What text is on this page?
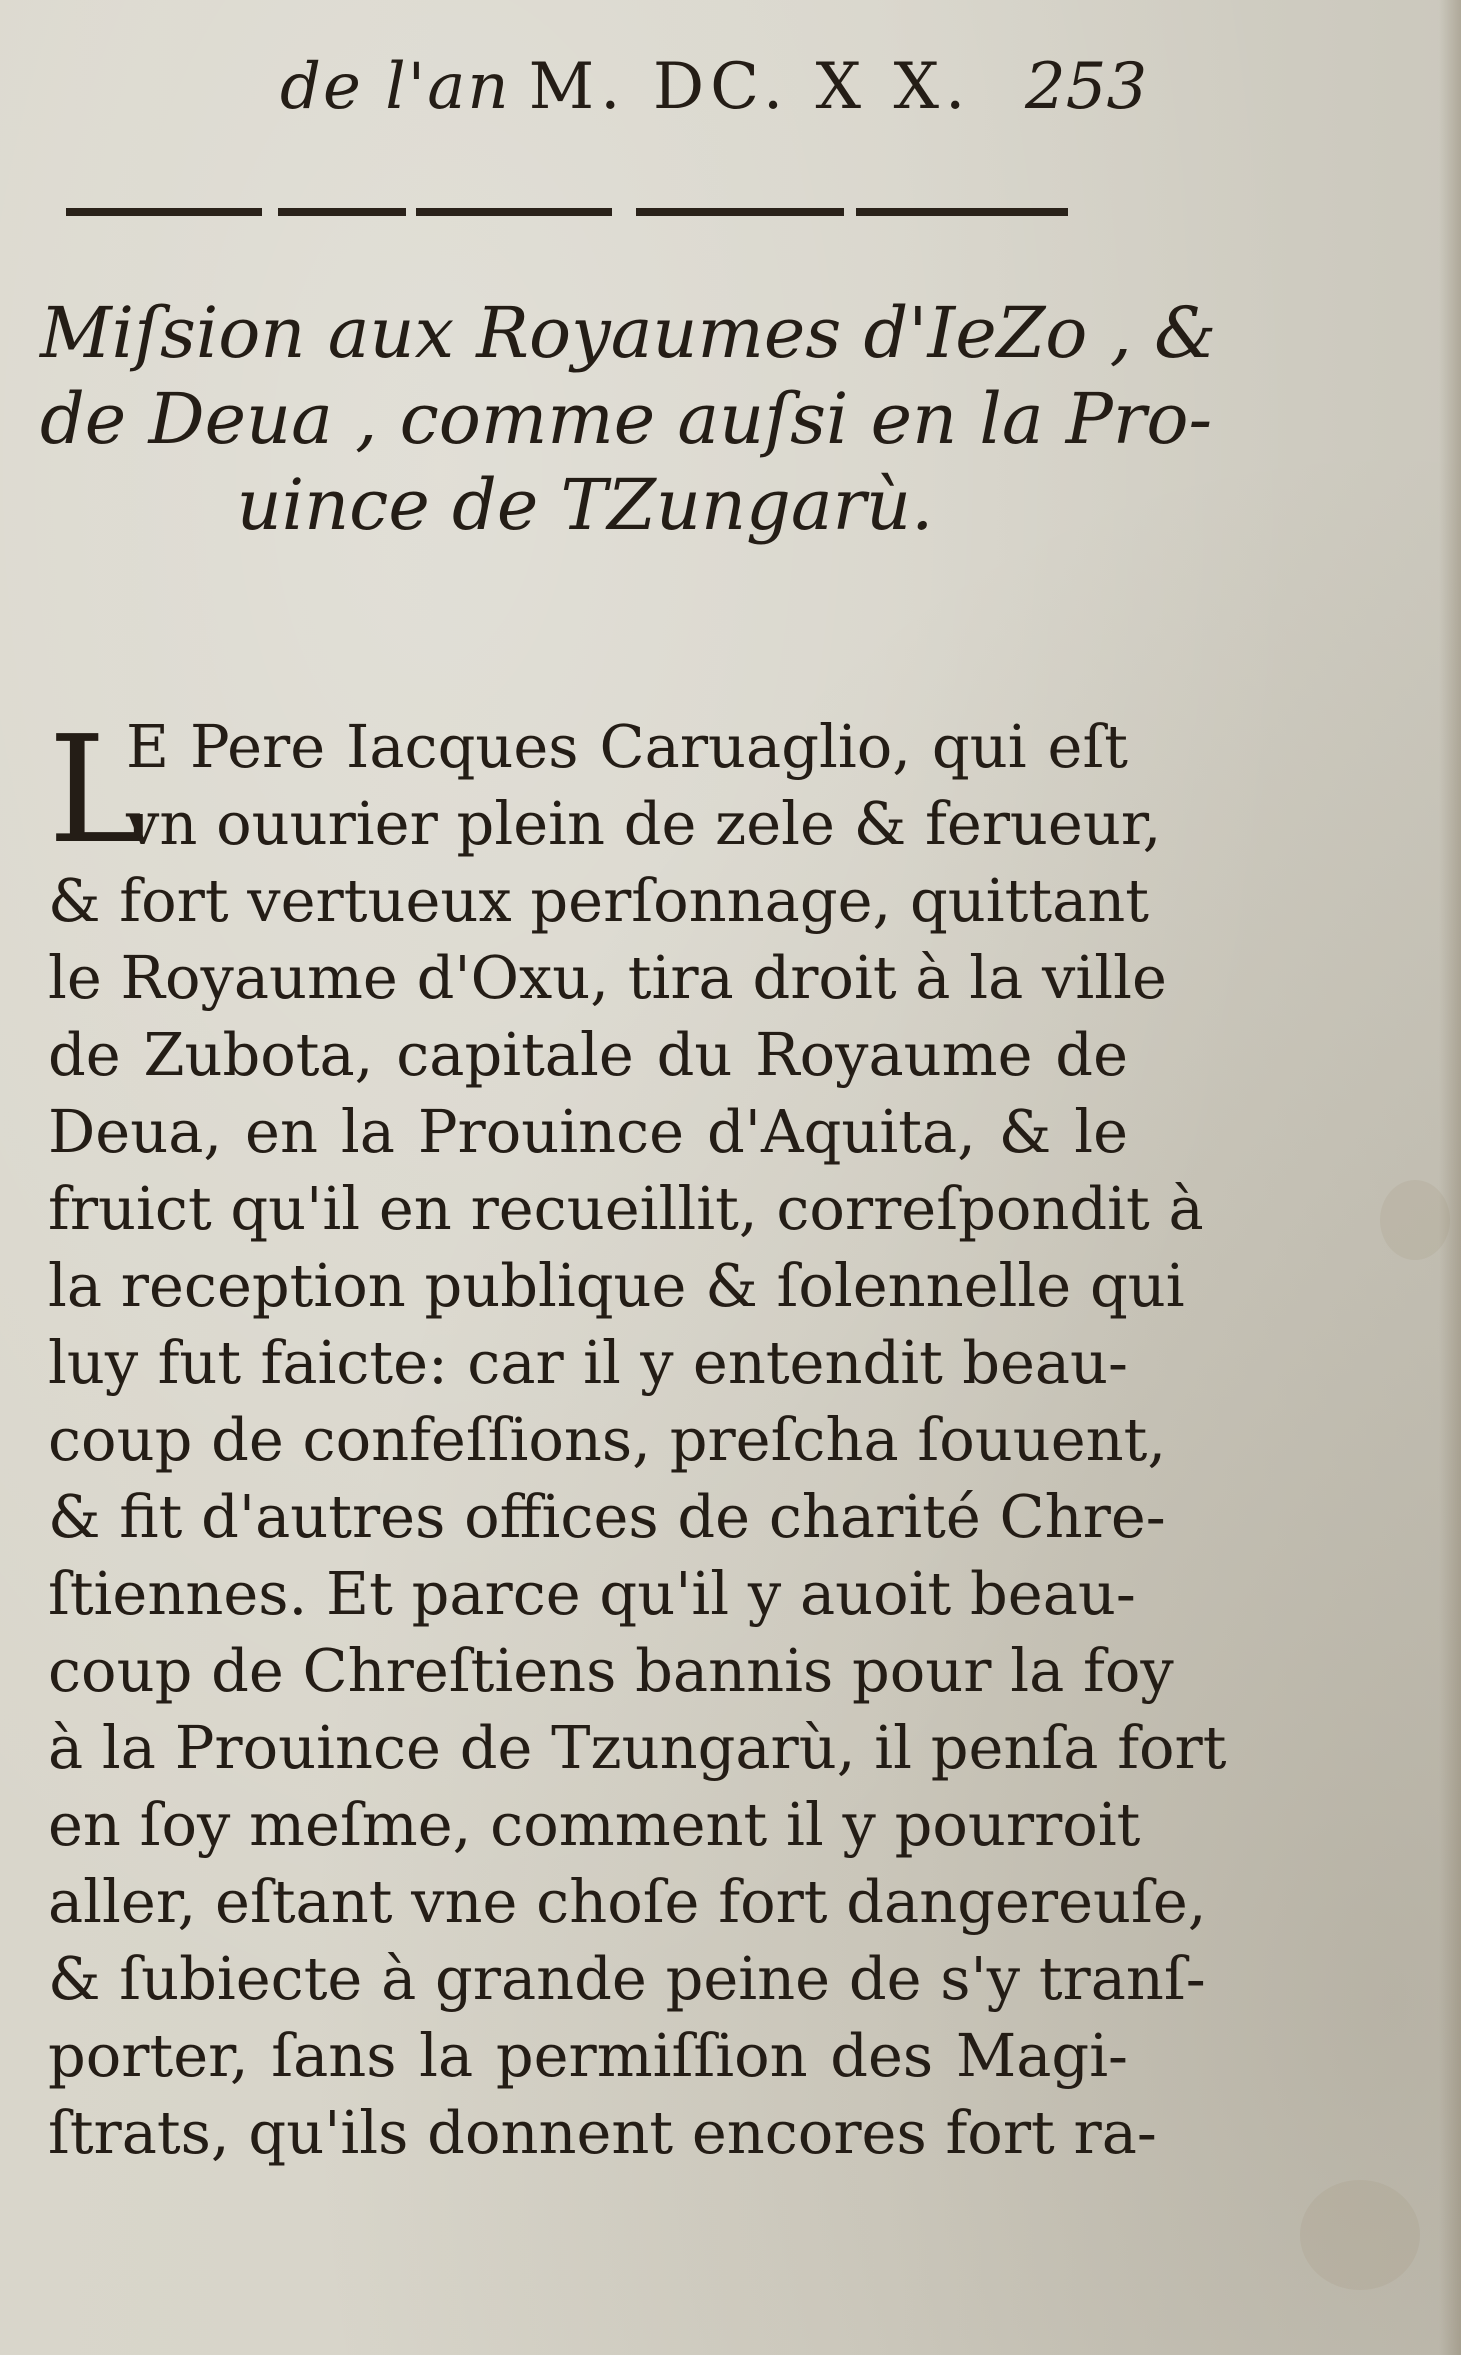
de l'an M. DC. X X. 253
Miſsion aux Royaumes d'IeZo , &
de Deua , comme auſsi en la Pro-
uince de TZungarù.
L
E Pere Iacques Caruaglio, qui eſt
vn ouurier plein de zele & ferueur,
& fort vertueux perſonnage, quittant
le Royaume d'Oxu, tira droit à la ville
de Zubota, capitale du Royaume de
Deua, en la Prouince d'Aquita, & le
fruict qu'il en recueillit, correſpondit à
la reception publique & ſolennelle qui
luy fut faicte: car il y entendit beau-
coup de confeſſions, preſcha ſouuent,
& fit d'autres offices de charité Chre-
ſtiennes. Et parce qu'il y auoit beau-
coup de Chreſtiens bannis pour la foy
à la Prouince de Tzungarù, il penſa fort
en ſoy meſme, comment il y pourroit
aller, eſtant vne choſe fort dangereuſe,
& ſubiecte à grande peine de s'y tranſ-
porter, ſans la permiſſion des Magi-
ſtrats, qu'ils donnent encores fort ra-
